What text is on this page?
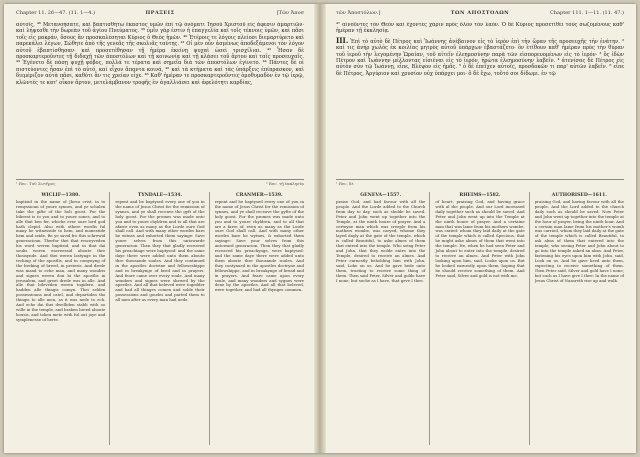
Chapter 11. 26—47. (11. 1—4.)	ΠΡΑΞΕΙΣ	[Τῶν Ἀποσ

αὐτοῖς, ⁴⁶ Μετανοήσατε, καὶ βαπτισθήτω ἕκαστος ὑμῶν ἐπὶ τῷ ὀνόματι Ἰησοῦ Χριστοῦ εἰς ἄφεσιν ἁμαρτιῶν· καὶ λήψεσθε τὴν δωρεὰν τοῦ ἁγίου Πνεύματος. ³⁹ ὑμῖν γάρ ἐστιν ἡ ἐπαγγελία καὶ τοῖς τέκνοις ὑμῶν, καὶ πᾶσι τοῖς εἰς μακράν, ὅσους ἂν προσκαλέσηται Κύριος ὁ Θεὸς ἡμῶν. ⁴⁰ Ἑτέροις τε λόγοις πλείοσι διεμαρτύρετο καὶ παρεκάλει λέγων, Σώθητε ἀπὸ τῆς γενεᾶς τῆς σκολιᾶς ταύτης. ⁴¹ Οἱ μὲν οὖν ἀσμένως ἀποδεξάμενοι τὸν λόγον αὐτοῦ ἐβαπτίσθησαν· καὶ προσετέθησαν τῇ ἡμέρᾳ ἐκείνῃ ψυχαὶ ὡσεὶ τρισχίλιαι. ⁴² Ἦσαν δὲ προσκαρτεροῦντες τῇ διδαχῇ τῶν ἀποστόλων καὶ τῇ κοινωνίᾳ καὶ τῇ κλάσει τοῦ ἄρτου καὶ ταῖς προσευχαῖς. ⁴³ Ἐγένετο δὲ πάσῃ ψυχῇ φόβος, πολλά τε τέρατα καὶ σημεῖα διὰ τῶν ἀποστόλων ἐγίνετο. ⁴⁴ Πάντες δὲ οἱ πιστεύοντες ἦσαν ἐπὶ τὸ αὐτό, καὶ εἶχον ἅπαντα κοινά, ⁴⁵ καὶ τὰ κτήματα καὶ τὰς ὑπάρξεις ἐπίπρασκον, καὶ διεμέριζον αὐτὰ πᾶσι, καθότι ἄν τις χρείαν εἶχε. ⁴⁶ Καθ' ἡμέραν τε προσκαρτεροῦντες ὁμοθυμαδὸν ἐν τῷ ἱερῷ, κλῶντές τε κατ' οἶκον ἄρτον, μετελάμβανον τροφῆς ἐν ἀγαλλιάσει καὶ ἀφελότητι καρδίας,

¹ Rec. Τοῦ Σωτῆρος	² Rec. τῇ ἐκκλησίᾳ
WICLIF—1380.
baptisid in the name of Jhesu crist, in to remyssioun of youre synnes, and ye schulen take the gifte of the holi goost. For the biheest is to you and to youre sones, and to alle that ben fer, whiche ever oure lord god hath clepid. Also with othere wordis ful many he witnesside to hem, and monestide hem and seide, Be ye savid fro this schrewid generacioun. Therfor thei that resceyveden his word weren baptisid, and in that dai soulis weren encreessid aboute thre thousynde. And thei weren lastynge in the teching of the apostlis, and in comynyng of the breking of breed, in preieris. And drede was maad to eche man, and many wondris and signes weren don bi the apostlis in jerusalem, and greet drede was in alle. And alle that bileveden weren togidere, and hadden alle thingis comyn. Thei selden possessiouns and catel, and departiden tho thingis to alle men, as it was nede to ech. And eche dai thei dwelliden stabli with oo wille in the temple, and braken breed aboute housis, and token mete with ful out joye and symplenesse of herte.
TYNDALE—1534.
repent and be baptysed every one of you in the name of Jesus Christ for the remission of synnes, and ye shall receave the gyft of the holy goost. For the promes was made unto you and to youre chyldren and to all that are afarre even as many as the Lorde oure God shall call. And with many other wordes bare he witnes and exhorted them sayinge: Save youre selves from this untowarde generacion. Then they that gladly receaved his preachinge were baptysed: and the same daye there were added unto them aboute thre thousande soules. And they continued in the apostles doctrine and felloweshippe and in breakynge of bred and in prayers. And feare came over every soule. And many wonders and signes were shewed by the apostles. And all that beleved were togedder and had all thinges comen and solde their possessions and goodes and parted them to all men after as every man had nede.
CRANMER—1539.
repent and be baptysed every one of you in the name of Jesus Christ for the remission of synnes, and ye shall receave the gyfte of the holy goost. For the promes was made unto you and to youre chyldren, and to all that are a farre of, even as many as the Lorde oure God shall call. And with many other wordes bare he wytnes, & exhorted them sayinge: Save your selves from this untoward generacion. Then they that gladly receaved his preachynge, were baptysed: and the same daye there were added unto them aboute thre thousande soules. And they contynued in the apostles doctryne and fellowshippe, and in breakynge of bread and in prayers. And feare came upon every soule, and many wonders and sygnes were done by the apostles. And all that beleved, were together, and had all thynges commen.
τῶν Ἀποστόλων.]	ΤΩΝ ΑΠΟΣΤΟΛΩΝ	Chapter 111. 1—11. (11. 47.)

⁴⁷ αἰνοῦντες τὸν Θεὸν καὶ ἔχοντες χάριν πρὸς ὅλον τὸν λαόν. Ὁ δὲ Κύριος προσετίθει τοὺς σωζομένους καθ' ἡμέραν τῇ ἐκκλησίᾳ.

III. Ἐπὶ τὸ αὐτὸ δὲ Πέτρος καὶ Ἰωάννης ἀνέβαινον εἰς τὸ ἱερὸν ἐπὶ τὴν ὥραν τῆς προσευχῆς τὴν ἐνάτην. ² καί τις ἀνὴρ χωλὸς ἐκ κοιλίας μητρὸς αὐτοῦ ὑπάρχων ἐβαστάζετο· ὃν ἐτίθουν καθ' ἡμέραν πρὸς τὴν θύραν τοῦ ἱεροῦ τὴν λεγομένην Ὡραίαν, τοῦ αἰτεῖν ἐλεημοσύνην παρὰ τῶν εἰσπορευομένων εἰς τὸ ἱερόν· ³ ὃς ἰδὼν Πέτρον καὶ Ἰωάννην μέλλοντας εἰσιέναι εἰς τὸ ἱερόν, ἠρώτα ἐλεημοσύνην λαβεῖν. ⁴ ἀτενίσας δὲ Πέτρος εἰς αὐτὸν σὺν τῷ Ἰωάννῃ, εἶπε, Βλέψον εἰς ἡμᾶς. ⁵ ὁ δὲ ἐπεῖχεν αὐτοῖς, προσδοκῶν τι παρ' αὐτῶν λαβεῖν. ⁶ εἶπε δὲ Πέτρος, Ἀργύριον καὶ χρυσίον οὐχ ὑπάρχει μοι· ὃ δὲ ἔχω, τοῦτό σοι δίδωμι. ἐν τῷ

¹ Rec. δὲ
GENEVA—1557.
praise God, and had favour with all the people. And the Lorde added to the Church from day to day, such as shulde be saved. Peter and John went up together into the Temple, at the ninth houre of prayer. And a certeyne man which was creeple from his mothers wombe, was caryed, whome they layed dayly at the gate of the temple, which is called Beautiful, to aske almes of them that entred into the temple. Who seing Peter and John, that they wolde entre into the Temple, desired to receive an almes. And Peter earnestly beholding him with John, said, Loke on us. And he gave hede unto them, trusting to receive some thing of them. Then said Peter, Silver and golde have I none, but suche as I have, that geve I thee.
RHEIMS—1582.
of heart, praising God, and having grace with al the people. And our Lord increased daily together such as should be saved. And Peter and John went up into the Temple at the ninth houre of prayer. And a certaine man that was lame from his mothers wombe, was caried: whom they laid daily at the gate of the temple which is called Specious, that he might aske almes of them that went into the temple. He, when he had seen Peter and John about to enter into the temple, desired to receive an almes. And Peter with John looking upon him, said, Looke upon us. But he looked earnestly upon them, hoping that he should receive something of them. And Peter said, Silver and gold is not with me.
AUTHORISED—1611.
praising God, and having favour with all the people. And the Lord added to the church daily such as should be saved. Now Peter and John went up together into the temple at the hour of prayer, being the ninth hour. And a certain man lame from his mother's womb was carried, whom they laid daily at the gate of the temple which is called Beautiful, to ask alms of them that entered into the temple; who seeing Peter and John about to go into the temple asked an alms. And Peter, fastening his eyes upon him with John, said, Look on us. And he gave heed unto them, expecting to receive something of them. Then Peter said, Silver and gold have I none; but such as I have give I thee: In the name of Jesus Christ of Nazareth rise up and walk.
